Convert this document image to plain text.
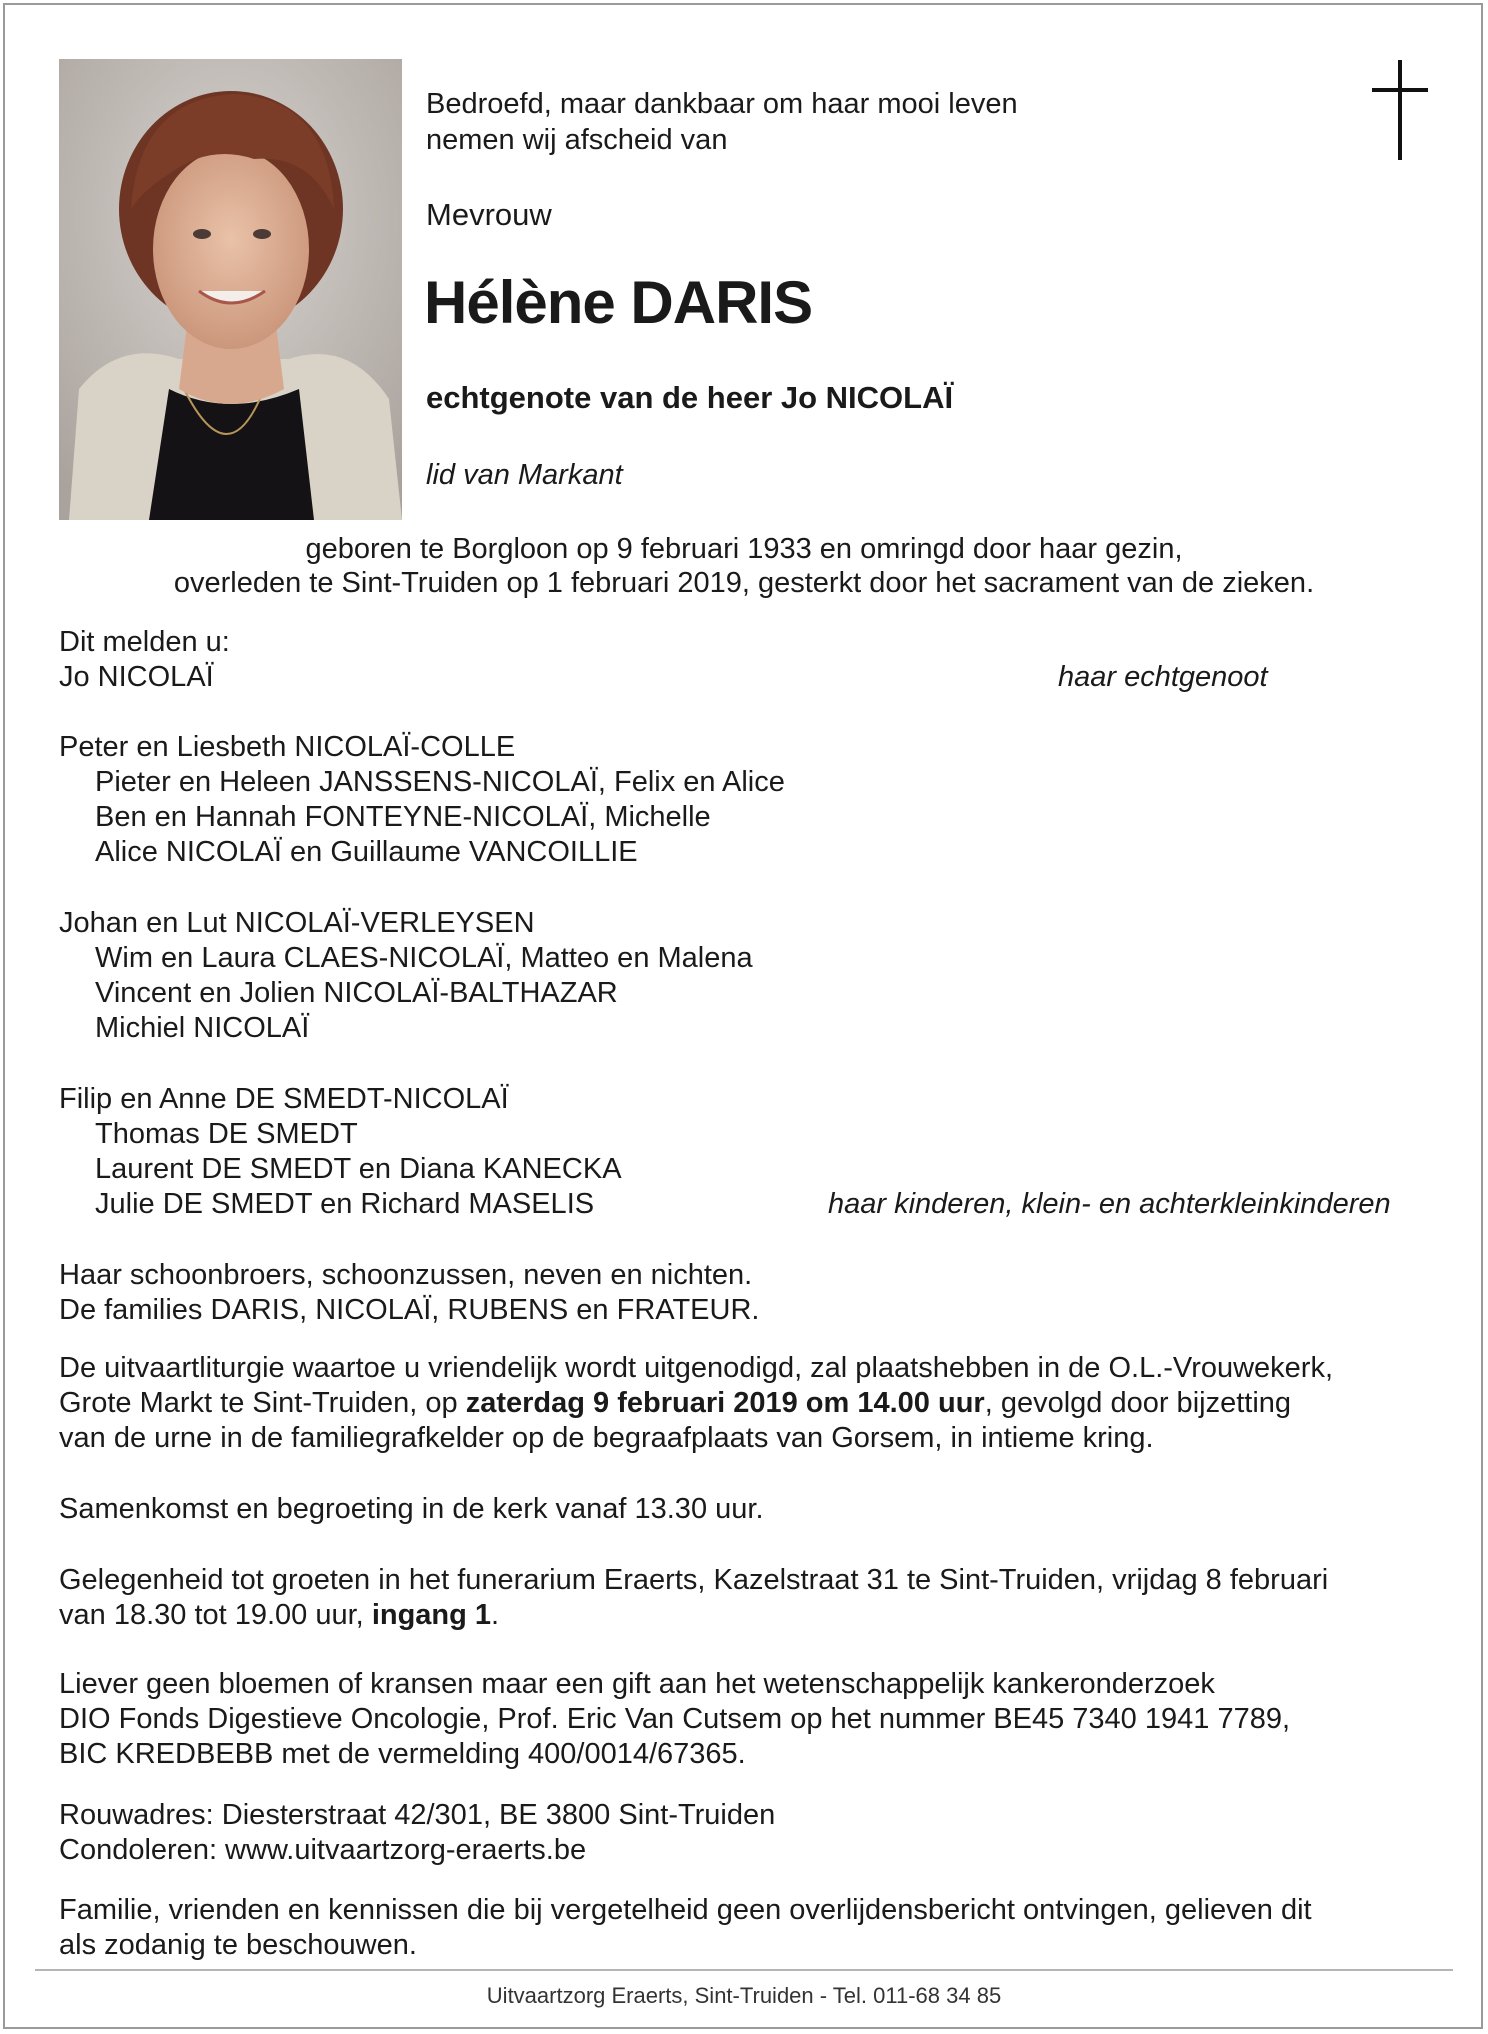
Bedroefd, maar dankbaar om haar mooi leven
nemen wij afscheid van
Mevrouw
Hélène DARIS
echtgenote van de heer Jo NICOLAÏ
lid van Markant
geboren te Borgloon op 9 februari 1933 en omringd door haar gezin,
overleden te Sint-Truiden op 1 februari 2019, gesterkt door het sacrament van de zieken.
Dit melden u:
Jo NICOLAÏ	haar echtgenoot
Peter en Liesbeth NICOLAÏ-COLLE
Pieter en Heleen JANSSENS-NICOLAÏ, Felix en Alice
Ben en Hannah FONTEYNE-NICOLAÏ, Michelle
Alice NICOLAÏ en Guillaume VANCOILLIE
Johan en Lut NICOLAÏ-VERLEYSEN
Wim en Laura CLAES-NICOLAÏ, Matteo en Malena
Vincent en Jolien NICOLAÏ-BALTHAZAR
Michiel NICOLAÏ
Filip en Anne DE SMEDT-NICOLAÏ
Thomas DE SMEDT
Laurent DE SMEDT en Diana KANECKA
Julie DE SMEDT en Richard MASELIS	haar kinderen, klein- en achterkleinkinderen
Haar schoonbroers, schoonzussen, neven en nichten.
De families DARIS, NICOLAÏ, RUBENS en FRATEUR.
De uitvaartliturgie waartoe u vriendelijk wordt uitgenodigd, zal plaatshebben in de O.L.-Vrouwekerk,
Grote Markt te Sint-Truiden, op zaterdag 9 februari 2019 om 14.00 uur, gevolgd door bijzetting
van de urne in de familiegrafkelder op de begraafplaats van Gorsem, in intieme kring.
Samenkomst en begroeting in de kerk vanaf 13.30 uur.
Gelegenheid tot groeten in het funerarium Eraerts, Kazelstraat 31 te Sint-Truiden, vrijdag 8 februari
van 18.30 tot 19.00 uur, ingang 1.
Liever geen bloemen of kransen maar een gift aan het wetenschappelijk kankeronderzoek
DIO Fonds Digestieve Oncologie, Prof. Eric Van Cutsem op het nummer BE45 7340 1941 7789,
BIC KREDBEBB met de vermelding 400/0014/67365.
Rouwadres: Diesterstraat 42/301, BE 3800 Sint-Truiden
Condoleren: www.uitvaartzorg-eraerts.be
Familie, vrienden en kennissen die bij vergetelheid geen overlijdensbericht ontvingen, gelieven dit
als zodanig te beschouwen.
Uitvaartzorg Eraerts, Sint-Truiden - Tel. 011-68 34 85
